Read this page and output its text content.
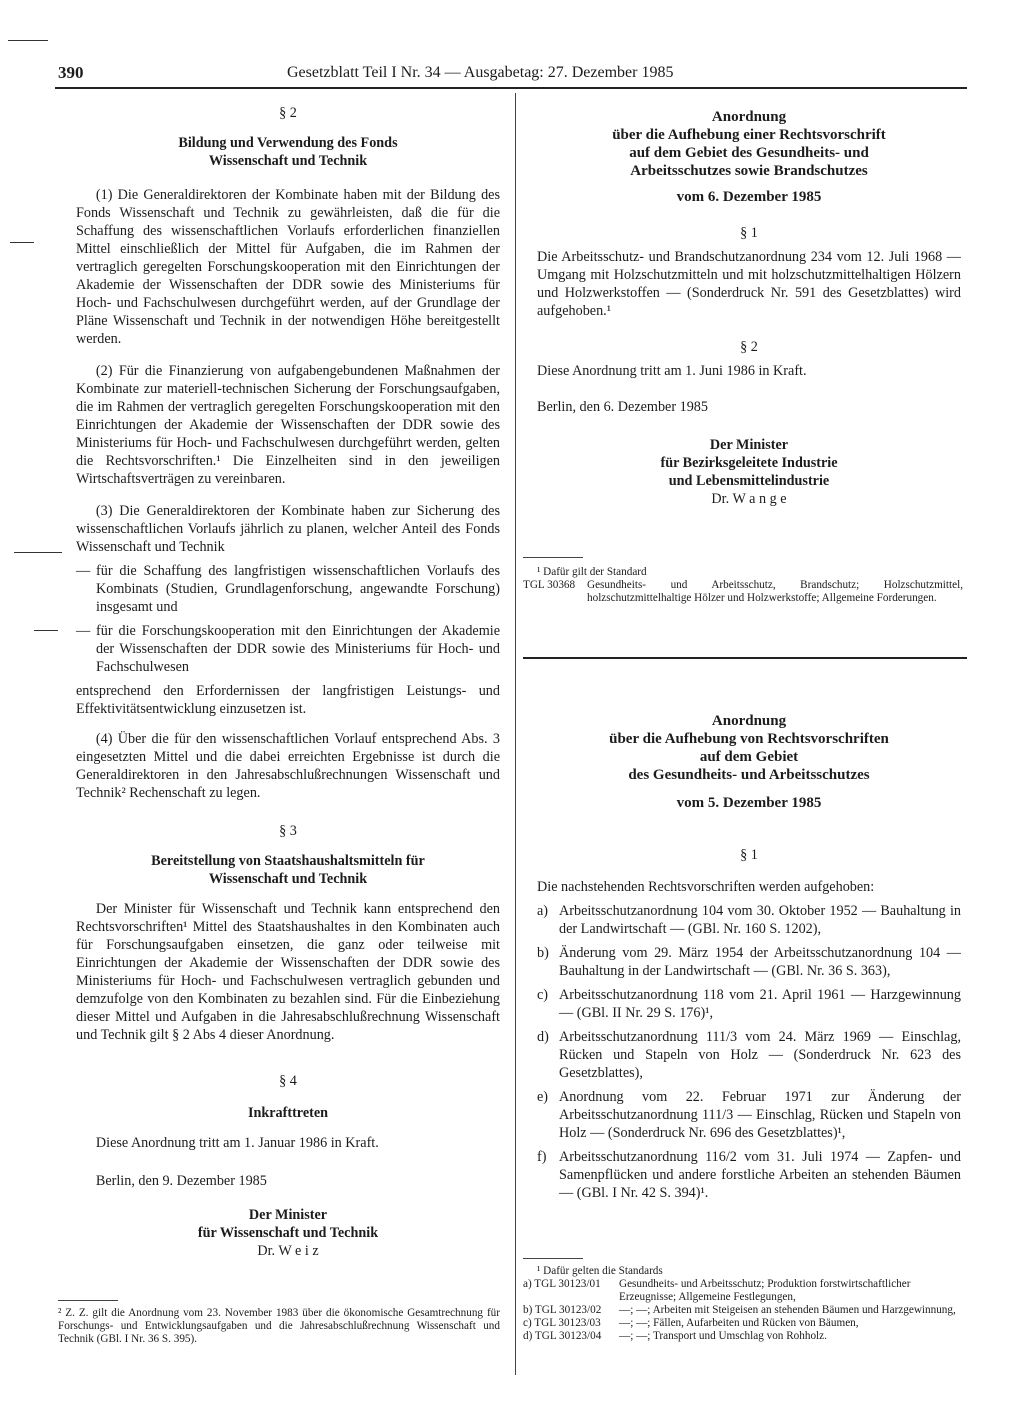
390	Gesetzblatt Teil I Nr. 34 — Ausgabetag: 27. Dezember 1985

§ 2

Bildung und Verwendung des Fonds Wissenschaft und Technik

(1) Die Generaldirektoren der Kombinate haben mit der Bildung des Fonds Wissenschaft und Technik zu gewährleisten, daß die für die Schaffung des wissenschaftlichen Vorlaufs erforderlichen finanziellen Mittel einschließlich der Mittel für Aufgaben, die im Rahmen der vertraglich geregelten Forschungskooperation mit den Einrichtungen der Akademie der Wissenschaften der DDR sowie des Ministeriums für Hoch- und Fachschulwesen durchgeführt werden, auf der Grundlage der Pläne Wissenschaft und Technik in der notwendigen Höhe bereitgestellt werden.

(2) Für die Finanzierung von aufgabengebundenen Maßnahmen der Kombinate zur materiell-technischen Sicherung der Forschungsaufgaben, die im Rahmen der vertraglich geregelten Forschungskooperation mit den Einrichtungen der Akademie der Wissenschaften der DDR sowie des Ministeriums für Hoch- und Fachschulwesen durchgeführt werden, gelten die Rechtsvorschriften.¹ Die Einzelheiten sind in den jeweiligen Wirtschaftsverträgen zu vereinbaren.

(3) Die Generaldirektoren der Kombinate haben zur Sicherung des wissenschaftlichen Vorlaufs jährlich zu planen, welcher Anteil des Fonds Wissenschaft und Technik

— für die Schaffung des langfristigen wissenschaftlichen Vorlaufs des Kombinats (Studien, Grundlagenforschung, angewandte Forschung) insgesamt und
— für die Forschungskooperation mit den Einrichtungen der Akademie der Wissenschaften der DDR sowie des Ministeriums für Hoch- und Fachschulwesen

entsprechend den Erfordernissen der langfristigen Leistungs- und Effektivitätsentwicklung einzusetzen ist.

(4) Über die für den wissenschaftlichen Vorlauf entsprechend Abs. 3 eingesetzten Mittel und die dabei erreichten Ergebnisse ist durch die Generaldirektoren in den Jahresabschlußrechnungen Wissenschaft und Technik² Rechenschaft zu legen.

§ 3

Bereitstellung von Staatshaushaltsmitteln für Wissenschaft und Technik

Der Minister für Wissenschaft und Technik kann entsprechend den Rechtsvorschriften¹ Mittel des Staatshaushaltes in den Kombinaten auch für Forschungsaufgaben einsetzen, die ganz oder teilweise mit Einrichtungen der Akademie der Wissenschaften der DDR sowie des Ministeriums für Hoch- und Fachschulwesen vertraglich gebunden und demzufolge von den Kombinaten zu bezahlen sind. Für die Einbeziehung dieser Mittel und Aufgaben in die Jahresabschlußrechnung Wissenschaft und Technik gilt § 2 Abs 4 dieser Anordnung.

§ 4

Inkrafttreten

Diese Anordnung tritt am 1. Januar 1986 in Kraft.

Berlin, den 9. Dezember 1985

Der Minister

für Wissenschaft und Technik

Dr. W e i z

² Z. Z. gilt die Anordnung vom 23. November 1983 über die ökonomische Gesamtrechnung für Forschungs- und Entwicklungsaufgaben und die Jahresabschlußrechnung Wissenschaft und Technik (GBl. I Nr. 36 S. 395).

Anordnung

über die Aufhebung einer Rechtsvorschrift

auf dem Gebiet des Gesundheits- und

Arbeitsschutzes sowie Brandschutzes

vom 6. Dezember 1985

§ 1

Die Arbeitsschutz- und Brandschutzanordnung 234 vom 12. Juli 1968 — Umgang mit Holzschutzmitteln und mit holzschutzmittelhaltigen Hölzern und Holzwerkstoffen — (Sonderdruck Nr. 591 des Gesetzblattes) wird aufgehoben.¹

§ 2

Diese Anordnung tritt am 1. Juni 1986 in Kraft.

Berlin, den 6. Dezember 1985

Der Minister

für Bezirksgeleitete Industrie

und Lebensmittelindustrie

Dr. W a n g e

¹ Dafür gilt der Standard

TGL 30368	Gesundheits- und Arbeitsschutz, Brandschutz; Holzschutzmittel, holzschutzmittelhaltige Hölzer und Holzwerkstoffe; Allgemeine Forderungen.

Anordnung

über die Aufhebung von Rechtsvorschriften

auf dem Gebiet

des Gesundheits- und Arbeitsschutzes

vom 5. Dezember 1985

§ 1

Die nachstehenden Rechtsvorschriften werden aufgehoben:

a) Arbeitsschutzanordnung 104 vom 30. Oktober 1952 — Bauhaltung in der Landwirtschaft — (GBl. Nr. 160 S. 1202),
b) Änderung vom 29. März 1954 der Arbeitsschutzanordnung 104 — Bauhaltung in der Landwirtschaft — (GBl. Nr. 36 S. 363),
c) Arbeitsschutzanordnung 118 vom 21. April 1961 — Harzgewinnung — (GBl. II Nr. 29 S. 176)¹,
d) Arbeitsschutzanordnung 111/3 vom 24. März 1969 — Einschlag, Rücken und Stapeln von Holz — (Sonderdruck Nr. 623 des Gesetzblattes),
e) Anordnung vom 22. Februar 1971 zur Änderung der Arbeitsschutzanordnung 111/3 — Einschlag, Rücken und Stapeln von Holz — (Sonderdruck Nr. 696 des Gesetzblattes)¹,
f) Arbeitsschutzanordnung 116/2 vom 31. Juli 1974 — Zapfen- und Samenpflücken und andere forstliche Arbeiten an stehenden Bäumen — (GBl. I Nr. 42 S. 394)¹.

¹ Dafür gelten die Standards

a) TGL 30123/01	Gesundheits- und Arbeitsschutz; Produktion forstwirtschaftlicher Erzeugnisse; Allgemeine Festlegungen,
b) TGL 30123/02	—; —; Arbeiten mit Steigeisen an stehenden Bäumen und Harzgewinnung,
c) TGL 30123/03	—; —; Fällen, Aufarbeiten und Rücken von Bäumen,
d) TGL 30123/04	—; —; Transport und Umschlag von Rohholz.
